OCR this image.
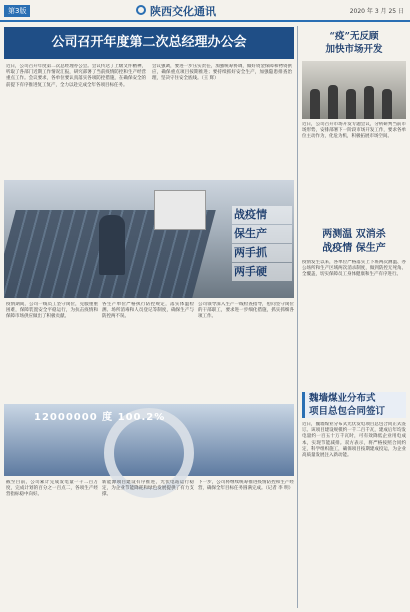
第3版	陕西交化通讯	2020 年 3 月 25 日
公司召开年度第二次总经理办公会
近日，公司召开年度第二次总经理办公会。会议传达了上级文件精神，听取了各部门近期工作情况汇报，研究部署了当前疫情防控和生产经营重点工作。会议要求，各单位要认真落实各项防控措施，在确保安全的前提下有序推进复工复产，全力以赴完成全年各项目标任务。
会议强调，要进一步压实责任，加强统筹协调，做好资金保障和物资供应，确保重点项目按期推进；要持续抓好安全生产，加强隐患排查治理，坚决守住安全底线。（王 辉）
战疫情
保生产
两手抓
两手硬
疫情期间，公司一线员工坚守岗位，克服重重困难，保障装置安全平稳运行，为抗击疫情和保障市场供应做出了积极贡献。
各生产单位严格执行防控规定，落实体温检测、场所消毒和人员登记等制度，确保生产与防控两不误。
公司领导深入生产一线检查指导，慰问坚守岗位的干部职工，要求进一步细化措施，抓实抓细各项工作。
12000000 度 100.2%
截至目前，公司累计完成发电量一千二百万度，完成计划的百分之一百点二，各项生产经营指标稳中向好。
新能源项目建设有序推进，光伏电站运行稳定，为企业节能降耗和绿色发展提供了有力支撑。
下一步，公司将继续统筹推进疫情防控和生产经营，确保全年目标任务圆满完成。（记者 李 明）
“疫”无反顾
加快市场开发
近日，公司召开市场开发专题会议，分析研判当前市场形势，安排部署下一阶段市场开发工作，要求各单位主动作为，化危为机，积极拓展市场空间。
两测温 双消杀
战疫情 保生产
疫情发生以来，各单位严格落实上下班两次测温、办公场所和生产区域两次消杀制度，做到防控无死角、全覆盖，切实保障员工身体健康和生产有序进行。
魏墙煤业分布式
项目总包合同签订
近日，魏墙煤业分布式光伏发电项目总包合同正式签订。该项目建设规模约一千二百千瓦，建成后年均发电量约一百五十万千瓦时，可有效降低企业用电成本，实现节能减排。双方表示，将严格按照合同约定，科学组织施工，确保项目按期建成投运，为企业高质量发展注入新动能。
